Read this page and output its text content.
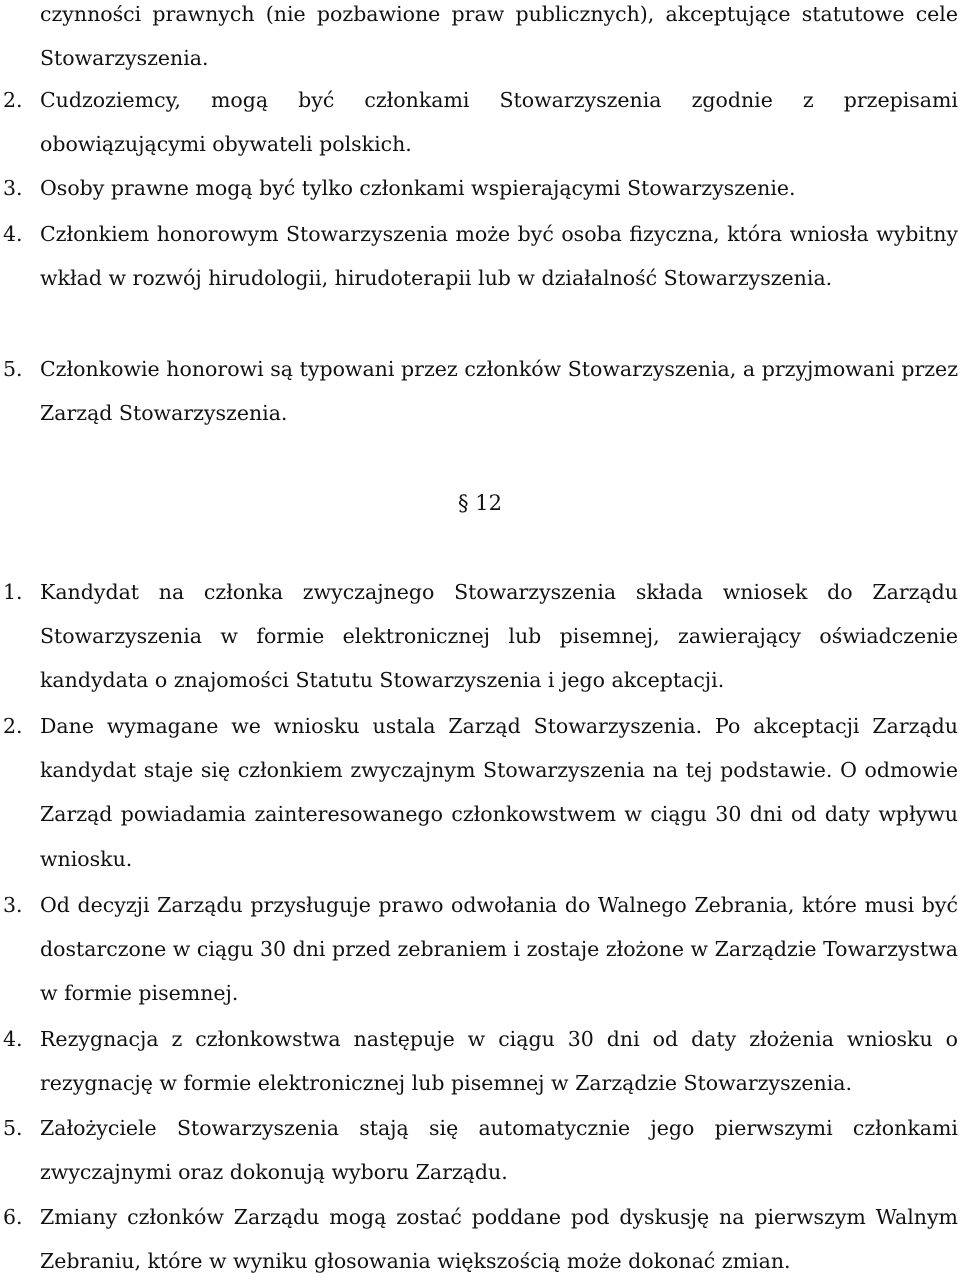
czynności prawnych (nie pozbawione praw publicznych), akceptujące statutowe cele Stowarzyszenia.

2. Cudzoziemcy, mogą być członkami Stowarzyszenia zgodnie z przepisami obowiązującymi obywateli polskich.
3. Osoby prawne mogą być tylko członkami wspierającymi Stowarzyszenie.
4. Członkiem honorowym Stowarzyszenia może być osoba fizyczna, która wniosła wybitny wkład w rozwój hirudologii, hirudoterapii lub w działalność Stowarzyszenia.
5. Członkowie honorowi są typowani przez członków Stowarzyszenia, a przyjmowani przez Zarząd Stowarzyszenia.
§ 12
1. Kandydat na członka zwyczajnego Stowarzyszenia składa wniosek do Zarządu Stowarzyszenia w formie elektronicznej lub pisemnej, zawierający oświadczenie kandydata o znajomości Statutu Stowarzyszenia i jego akceptacji.
2. Dane wymagane we wniosku ustala Zarząd Stowarzyszenia. Po akceptacji Zarządu kandydat staje się członkiem zwyczajnym Stowarzyszenia na tej podstawie. O odmowie Zarząd powiadamia zainteresowanego członkowstwem w ciągu 30 dni od daty wpływu wniosku.
3. Od decyzji Zarządu przysługuje prawo odwołania do Walnego Zebrania, które musi być dostarczone w ciągu 30 dni przed zebraniem i zostaje złożone w Zarządzie Towarzystwa w formie pisemnej.
4. Rezygnacja z członkowstwa następuje w ciągu 30 dni od daty złożenia wniosku o rezygnację w formie elektronicznej lub pisemnej w Zarządzie Stowarzyszenia.
5. Założyciele Stowarzyszenia stają się automatycznie jego pierwszymi członkami zwyczajnymi oraz dokonują wyboru Zarządu.
6. Zmiany członków Zarządu mogą zostać poddane pod dyskusję na pierwszym Walnym Zebraniu, które w wyniku głosowania większością może dokonać zmian.
